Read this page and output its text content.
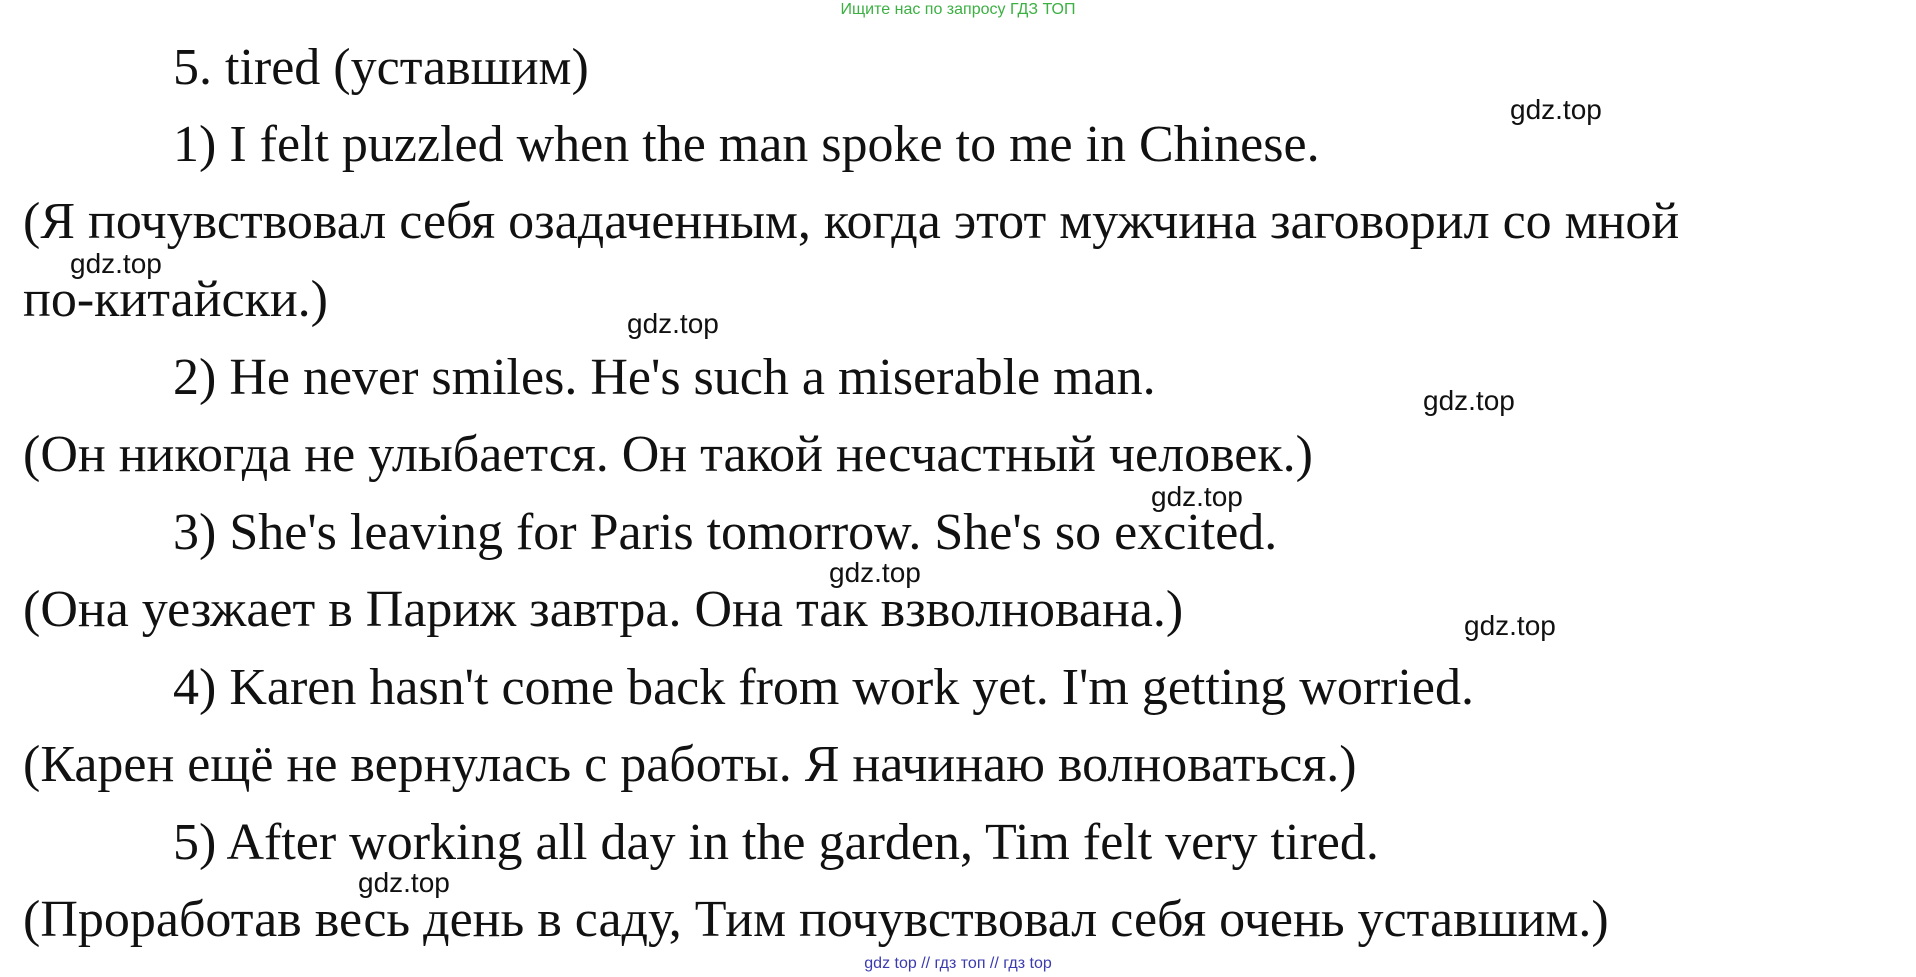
Ищите нас по запросу ГДЗ ТОП
5. tired (уставшим)
1) I felt puzzled when the man spoke to me in Chinese.
(Я почувствовал себя озадаченным, когда этот мужчина заговорил со мной
по-китайски.)
2) He never smiles. He's such a miserable man.
(Он никогда не улыбается. Он такой несчастный человек.)
3) She's leaving for Paris tomorrow. She's so excited.
(Она уезжает в Париж завтра. Она так взволнована.)
4) Karen hasn't come back from work yet. I'm getting worried.
(Карен ещё не вернулась с работы. Я начинаю волноваться.)
5) After working all day in the garden, Tim felt very tired.
(Проработав весь день в саду, Тим почувствовал себя очень уставшим.)
gdz.top
gdz.top
gdz.top
gdz.top
gdz.top
gdz.top
gdz.top
gdz.top
gdz top // гдз топ // гдз top
